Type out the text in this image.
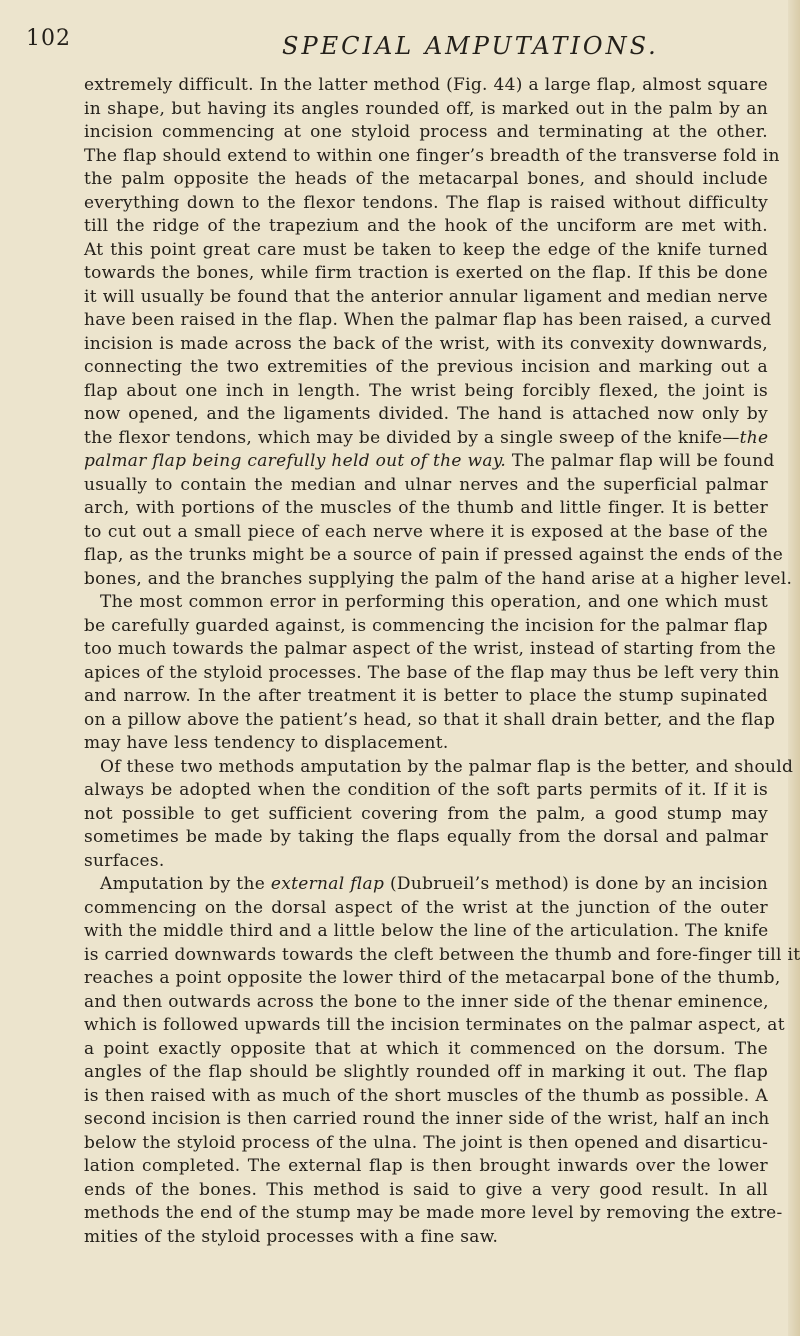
102	SPECIAL AMPUTATIONS.
extremely difficult. In the latter method (Fig. 44) a large flap, almost square
in shape, but having its angles rounded off, is marked out in the palm by an
incision commencing at one styloid process and terminating at the other.
The flap should extend to within one finger’s breadth of the transverse fold in
the palm opposite the heads of the metacarpal bones, and should include
everything down to the flexor tendons. The flap is raised without difficulty
till the ridge of the trapezium and the hook of the unciform are met with.
At this point great care must be taken to keep the edge of the knife turned
towards the bones, while firm traction is exerted on the flap. If this be done
it will usually be found that the anterior annular ligament and median nerve
have been raised in the flap. When the palmar flap has been raised, a curved
incision is made across the back of the wrist, with its convexity downwards,
connecting the two extremities of the previous incision and marking out a
flap about one inch in length. The wrist being forcibly flexed, the joint is
now opened, and the ligaments divided. The hand is attached now only by
the flexor tendons, which may be divided by a single sweep of the knife—the
palmar flap being carefully held out of the way. The palmar flap will be found
usually to contain the median and ulnar nerves and the superficial palmar
arch, with portions of the muscles of the thumb and little finger. It is better
to cut out a small piece of each nerve where it is exposed at the base of the
flap, as the trunks might be a source of pain if pressed against the ends of the
bones, and the branches supplying the palm of the hand arise at a higher level.
The most common error in performing this operation, and one which must
be carefully guarded against, is commencing the incision for the palmar flap
too much towards the palmar aspect of the wrist, instead of starting from the
apices of the styloid processes. The base of the flap may thus be left very thin
and narrow. In the after treatment it is better to place the stump supinated
on a pillow above the patient’s head, so that it shall drain better, and the flap
may have less tendency to displacement.
Of these two methods amputation by the palmar flap is the better, and should
always be adopted when the condition of the soft parts permits of it. If it is
not possible to get sufficient covering from the palm, a good stump may
sometimes be made by taking the flaps equally from the dorsal and palmar
surfaces.
Amputation by the external flap (Dubrueil’s method) is done by an incision
commencing on the dorsal aspect of the wrist at the junction of the outer
with the middle third and a little below the line of the articulation. The knife
is carried downwards towards the cleft between the thumb and fore-finger till it
reaches a point opposite the lower third of the metacarpal bone of the thumb,
and then outwards across the bone to the inner side of the thenar eminence,
which is followed upwards till the incision terminates on the palmar aspect, at
a point exactly opposite that at which it commenced on the dorsum. The
angles of the flap should be slightly rounded off in marking it out. The flap
is then raised with as much of the short muscles of the thumb as possible. A
second incision is then carried round the inner side of the wrist, half an inch
below the styloid process of the ulna. The joint is then opened and disarticu-
lation completed. The external flap is then brought inwards over the lower
ends of the bones. This method is said to give a very good result. In all
methods the end of the stump may be made more level by removing the extre-
mities of the styloid processes with a fine saw.
